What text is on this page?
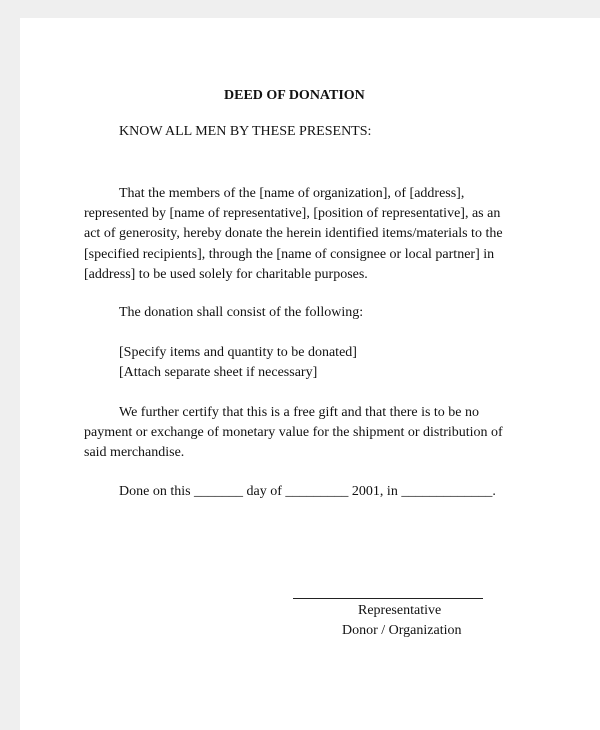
DEED OF DONATION

KNOW ALL MEN BY THESE PRESENTS:

That the members of the [name of organization], of [address],
represented by [name of representative], [position of representative], as an
act of generosity, hereby donate the herein identified items/materials to the
[specified recipients], through the [name of consignee or local partner] in
[address] to be used solely for charitable purposes.

The donation shall consist of the following:

[Specify items and quantity to be donated]
[Attach separate sheet if necessary]
We further certify that this is a free gift and that there is to be no
payment or exchange of monetary value for the shipment or distribution of
said merchandise.

Done on this _______ day of _________ 2001, in _____________.

Representative

Donor / Organization
